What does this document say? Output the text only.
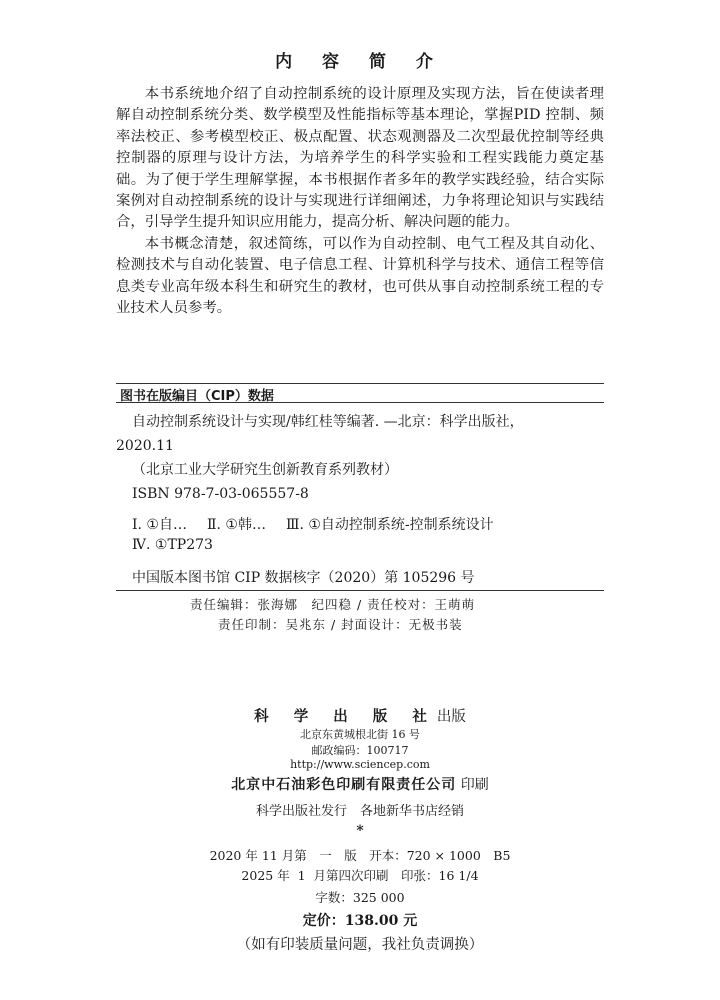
内 容 简 介

本书系统地介绍了自动控制系统的设计原理及实现方法，旨在使读者理解自动控制系统分类、数学模型及性能指标等基本理论，掌握PID 控制、频率法校正、参考模型校正、极点配置、状态观测器及二次型最优控制等经典控制器的原理与设计方法，为培养学生的科学实验和工程实践能力奠定基础。为了便于学生理解掌握，本书根据作者多年的教学实践经验，结合实际案例对自动控制系统的设计与实现进行详细阐述，力争将理论知识与实践结合，引导学生提升知识应用能力，提高分析、解决问题的能力。

本书概念清楚，叙述简练，可以作为自动控制、电气工程及其自动化、检测技术与自动化装置、电子信息工程、计算机科学与技术、通信工程等信息类专业高年级本科生和研究生的教材，也可供从事自动控制系统工程的专业技术人员参考。

图书在版编目（CIP）数据
自动控制系统设计与实现/韩红桂等编著. —北京：科学出版社，
2020.11
（北京工业大学研究生创新教育系列教材）
ISBN 978-7-03-065557-8
Ⅰ. ①自… Ⅱ. ①韩… Ⅲ. ①自动控制系统-控制系统设计
Ⅳ. ①TP273
中国版本图书馆 CIP 数据核字（2020）第 105296 号
责任编辑：张海娜　纪四稳 / 责任校对：王萌萌
责任印制：吴兆东 / 封面设计：无极书装
科 学 出 版 社出版
北京东黄城根北街 16 号
邮政编码：100717
http://www.sciencep.com
北京中石油彩色印刷有限责任公司 印刷
科学出版社发行　各地新华书店经销
*
2020 年 11 月第　一　版　开本：720 × 1000　B5
2025 年  1  月第四次印刷　印张：16 1/4
字数：325 000
定价：138.00 元
（如有印装质量问题，我社负责调换）
